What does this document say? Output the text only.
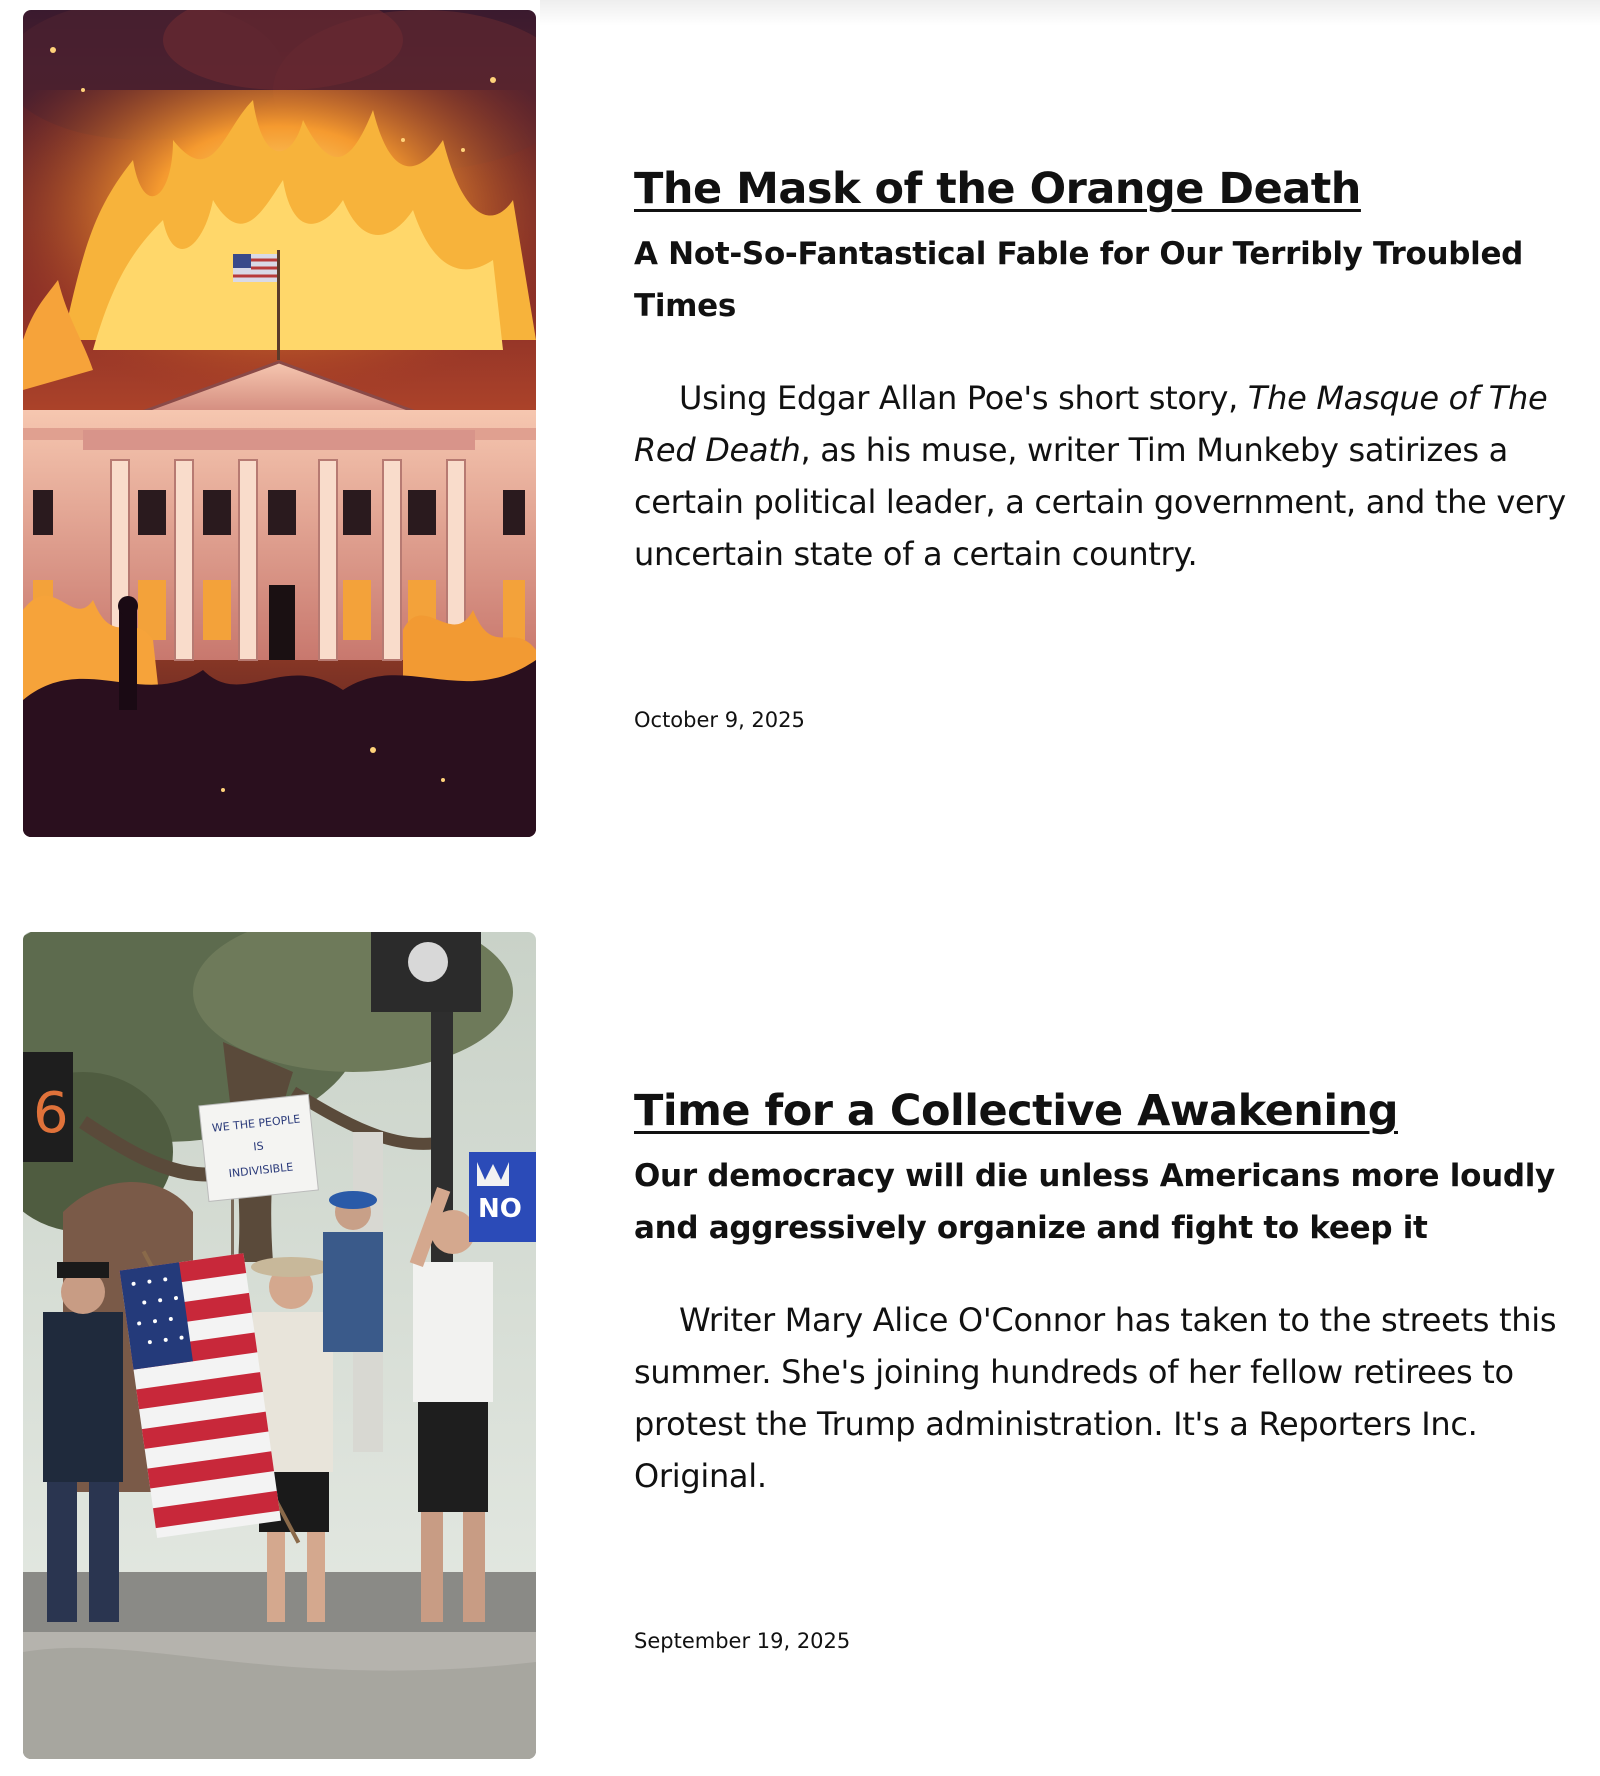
The Mask of the Orange Death
A Not-So-Fantastical Fable for Our Terribly Troubled Times
Using Edgar Allan Poe's short story, The Masque of The Red Death, as his muse, writer Tim Munkeby satirizes a certain political leader, a certain government, and the very uncertain state of a certain country.
October 9, 2025
6	WE THE PEOPLE
IS
INDIVISIBLE
NO
Time for a Collective Awakening
Our democracy will die unless Americans more loudly and aggressively organize and fight to keep it
Writer Mary Alice O'Connor has taken to the streets this summer. She's joining hundreds of her fellow retirees to protest the Trump administration. It's a Reporters Inc. Original.
September 19, 2025
